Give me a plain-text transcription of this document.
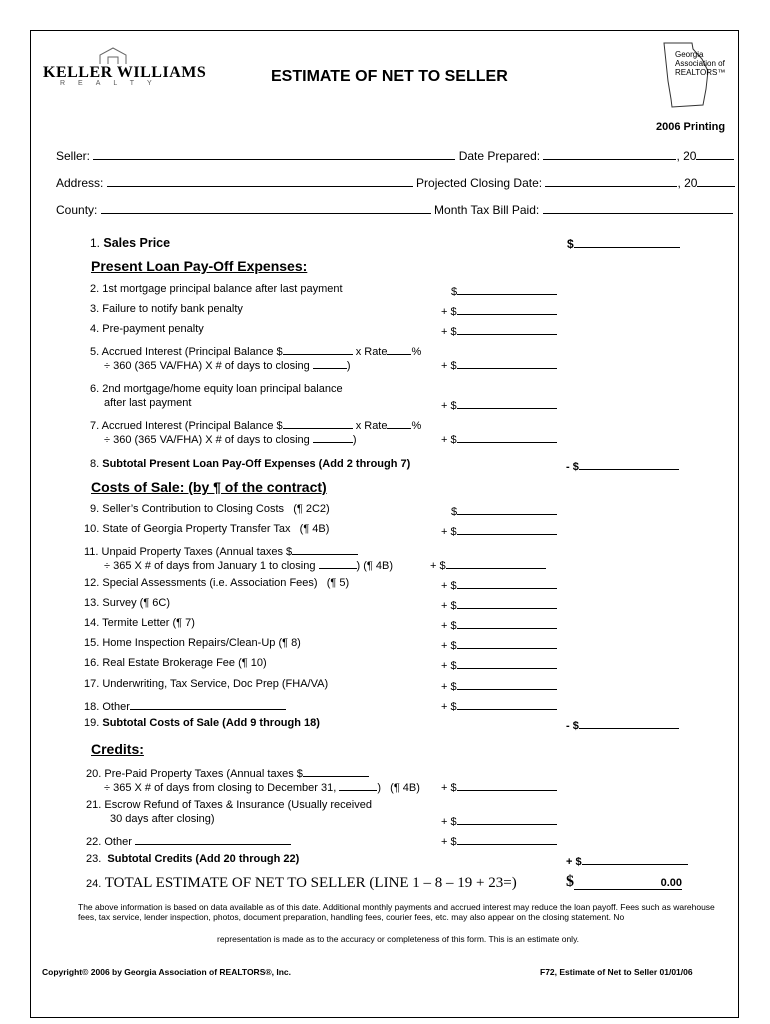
KELLER WILLIAMS
REALTY	ESTIMATE OF NET TO SELLER
Georgia Association of REALTORS™
2006 Printing
Seller:	Date Prepared:	, 20
Address:	Projected Closing Date:	, 20
County:	Month Tax Bill Paid:
1. Sales Price	$
Present Loan Pay-Off Expenses:
2. 1st mortgage principal balance after last payment	$
3. Failure to notify bank penalty	+ $
4. Pre-payment penalty	+ $
5. Accrued Interest (Principal Balance $	x Rate %
÷ 360 (365 VA/FHA) X # of days to closing	)	+ $
6. 2nd mortgage/home equity loan principal balance
after last payment	+ $
7. Accrued Interest (Principal Balance $	x Rate %
÷ 360 (365 VA/FHA) X # of days to closing	)	+ $
8. Subtotal Present Loan Pay-Off Expenses (Add 2 through 7)	- $
Costs of Sale: (by ¶ of the contract)
9. Seller’s Contribution to Closing Costs (¶ 2C2)	$
10. State of Georgia Property Transfer Tax (¶ 4B)	+ $
11. Unpaid Property Taxes (Annual taxes $
÷ 365 X # of days from January 1 to closing	) (¶ 4B)	+ $
12. Special Assessments (i.e. Association Fees) (¶ 5)	+ $
13. Survey (¶ 6C)	+ $
14. Termite Letter (¶ 7)	+ $
15. Home Inspection Repairs/Clean-Up (¶ 8)	+ $
16. Real Estate Brokerage Fee (¶ 10)	+ $
17. Underwriting, Tax Service, Doc Prep (FHA/VA)	+ $
18. Other	+ $
19. Subtotal Costs of Sale (Add 9 through 18)	- $
Credits:
20. Pre-Paid Property Taxes (Annual taxes $
÷ 365 X # of days from closing to December 31,	) (¶ 4B) + $
21. Escrow Refund of Taxes & Insurance (Usually received
30 days after closing)	+ $
22. Other	+ $
23. Subtotal Credits (Add 20 through 22)	+ $
24. TOTAL ESTIMATE OF NET TO SELLER (LINE 1 – 8 – 19 + 23=)	$	0.00
The above information is based on data available as of this date. Additional monthly payments and accrued interest may reduce the loan payoff. Fees such as warehouse fees, tax service, lender inspection, photos, document preparation, handling fees, courier fees, etc. may also appear on the closing statement. No
representation is made as to the accuracy or completeness of this form. This is an estimate only.
Copyright© 2006 by Georgia Association of REALTORS®, Inc.	F72, Estimate of Net to Seller 01/01/06
